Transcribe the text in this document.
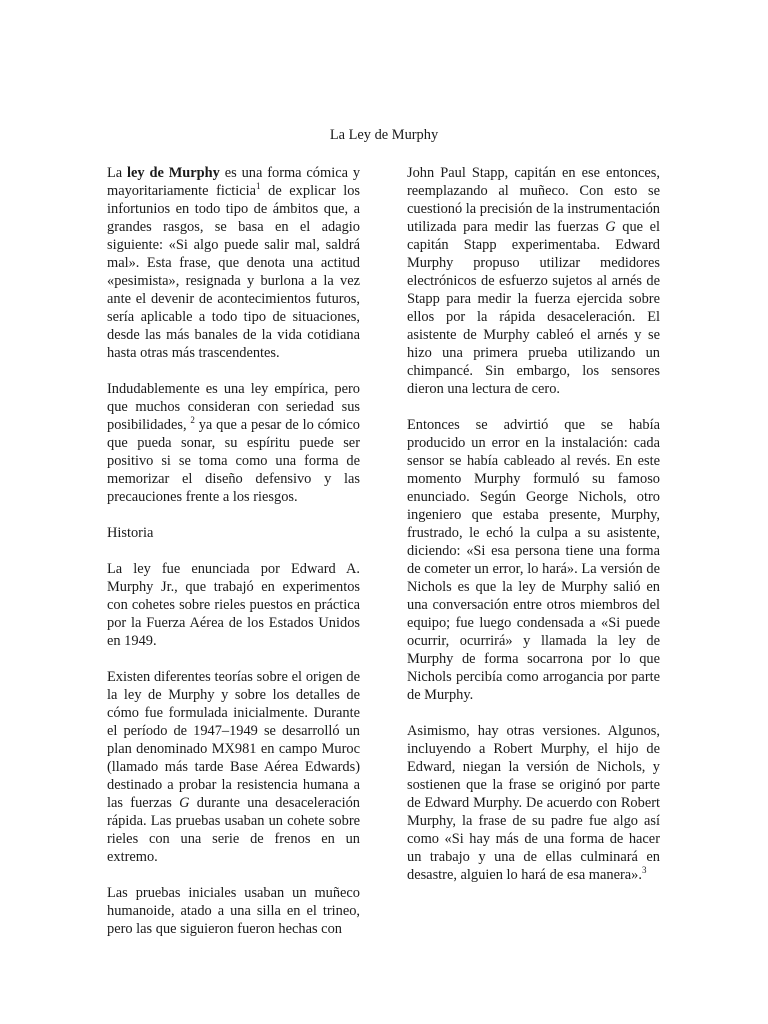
La Ley de Murphy

La ley de Murphy es una forma cómica y mayoritariamente ficticia$^1$ de explicar los infortunios en todo tipo de ámbitos que, a grandes rasgos, se basa en el adagio siguiente: «Si algo puede salir mal, saldrá mal». Esta frase, que denota una actitud «pesimista», resignada y burlona a la vez ante el devenir de acontecimientos futuros, sería aplicable a todo tipo de situaciones, desde las más banales de la vida cotidiana hasta otras más trascendentes.

Indudablemente es una ley empírica, pero que muchos consideran con seriedad sus posibilidades, $^2$ ya que a pesar de lo cómico que pueda sonar, su espíritu puede ser positivo si se toma como una forma de memorizar el diseño defensivo y las precauciones frente a los riesgos.

Historia

La ley fue enunciada por Edward A. Murphy Jr., que trabajó en experimentos con cohetes sobre rieles puestos en práctica por la Fuerza Aérea de los Estados Unidos en 1949.

Existen diferentes teorías sobre el origen de la ley de Murphy y sobre los detalles de cómo fue formulada inicialmente. Durante el período de 1947–1949 se desarrolló un plan denominado MX981 en campo Muroc (llamado más tarde Base Aérea Edwards) destinado a probar la resistencia humana a las fuerzas G durante una desaceleración rápida. Las pruebas usaban un cohete sobre rieles con una serie de frenos en un extremo.

Las pruebas iniciales usaban un muñeco humanoide, atado a una silla en el trineo, pero las que siguieron fueron hechas con

John Paul Stapp, capitán en ese entonces, reemplazando al muñeco. Con esto se cuestionó la precisión de la instrumentación utilizada para medir las fuerzas G que el capitán Stapp experimentaba. Edward Murphy propuso utilizar medidores electrónicos de esfuerzo sujetos al arnés de Stapp para medir la fuerza ejercida sobre ellos por la rápida desaceleración. El asistente de Murphy cableó el arnés y se hizo una primera prueba utilizando un chimpancé. Sin embargo, los sensores dieron una lectura de cero.

Entonces se advirtió que se había producido un error en la instalación: cada sensor se había cableado al revés. En este momento Murphy formuló su famoso enunciado. Según George Nichols, otro ingeniero que estaba presente, Murphy, frustrado, le echó la culpa a su asistente, diciendo: «Si esa persona tiene una forma de cometer un error, lo hará». La versión de Nichols es que la ley de Murphy salió en una conversación entre otros miembros del equipo; fue luego condensada a «Si puede ocurrir, ocurrirá» y llamada la ley de Murphy de forma socarrona por lo que Nichols percibía como arrogancia por parte de Murphy.

Asimismo, hay otras versiones. Algunos, incluyendo a Robert Murphy, el hijo de Edward, niegan la versión de Nichols, y sostienen que la frase se originó por parte de Edward Murphy. De acuerdo con Robert Murphy, la frase de su padre fue algo así como «Si hay más de una forma de hacer un trabajo y una de ellas culminará en desastre, alguien lo hará de esa manera».$^3$
